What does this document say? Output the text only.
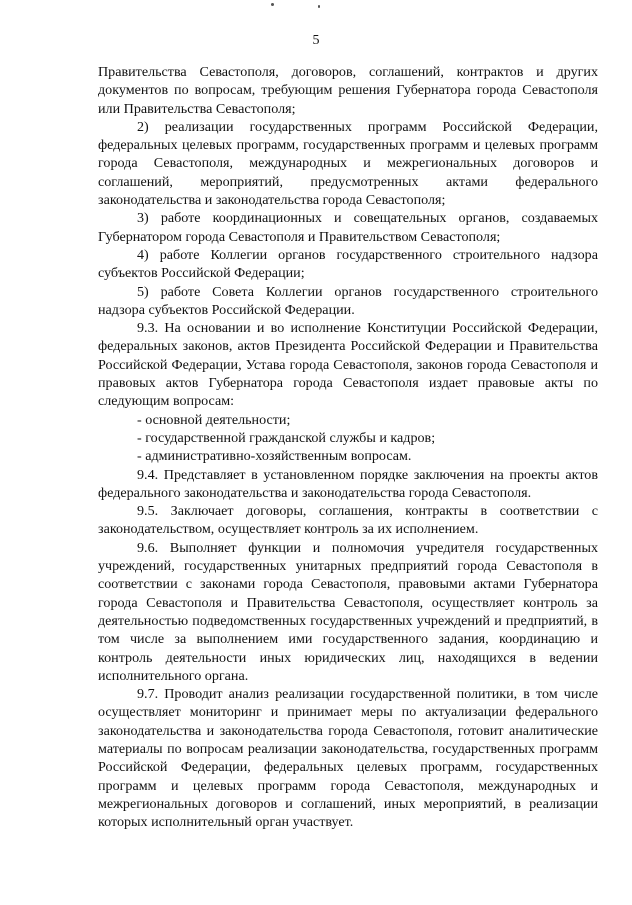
5

Правительства Севастополя, договоров, соглашений, контрактов и других документов по вопросам, требующим решения Губернатора города Севастополя или Правительства Севастополя;

2) реализации государственных программ Российской Федерации, федеральных целевых программ, государственных программ и целевых программ города Севастополя, международных и межрегиональных договоров и соглашений, мероприятий, предусмотренных актами федерального законодательства и законодательства города Севастополя;

3) работе координационных и совещательных органов, создаваемых Губернатором города Севастополя и Правительством Севастополя;

4) работе Коллегии органов государственного строительного надзора субъектов Российской Федерации;

5) работе Совета Коллегии органов государственного строительного надзора субъектов Российской Федерации.

9.3. На основании и во исполнение Конституции Российской Федерации, федеральных законов, актов Президента Российской Федерации и Правительства Российской Федерации, Устава города Севастополя, законов города Севастополя и правовых актов Губернатора города Севастополя издает правовые акты по следующим вопросам:

- основной деятельности;

- государственной гражданской службы и кадров;

- административно-хозяйственным вопросам.

9.4. Представляет в установленном порядке заключения на проекты актов федерального законодательства и законодательства города Севастополя.

9.5. Заключает договоры, соглашения, контракты в соответствии с законодательством, осуществляет контроль за их исполнением.

9.6. Выполняет функции и полномочия учредителя государственных учреждений, государственных унитарных предприятий города Севастополя в соответствии с законами города Севастополя, правовыми актами Губернатора города Севастополя и Правительства Севастополя, осуществляет контроль за деятельностью подведомственных государственных учреждений и предприятий, в том числе за выполнением ими государственного задания, координацию и контроль деятельности иных юридических лиц, находящихся в ведении исполнительного органа.

9.7. Проводит анализ реализации государственной политики, в том числе осуществляет мониторинг и принимает меры по актуализации федерального законодательства и законодательства города Севастополя, готовит аналитические материалы по вопросам реализации законодательства, государственных программ Российской Федерации, федеральных целевых программ, государственных программ и целевых программ города Севастополя, международных и межрегиональных договоров и соглашений, иных мероприятий, в реализации которых исполнительный орган участвует.
